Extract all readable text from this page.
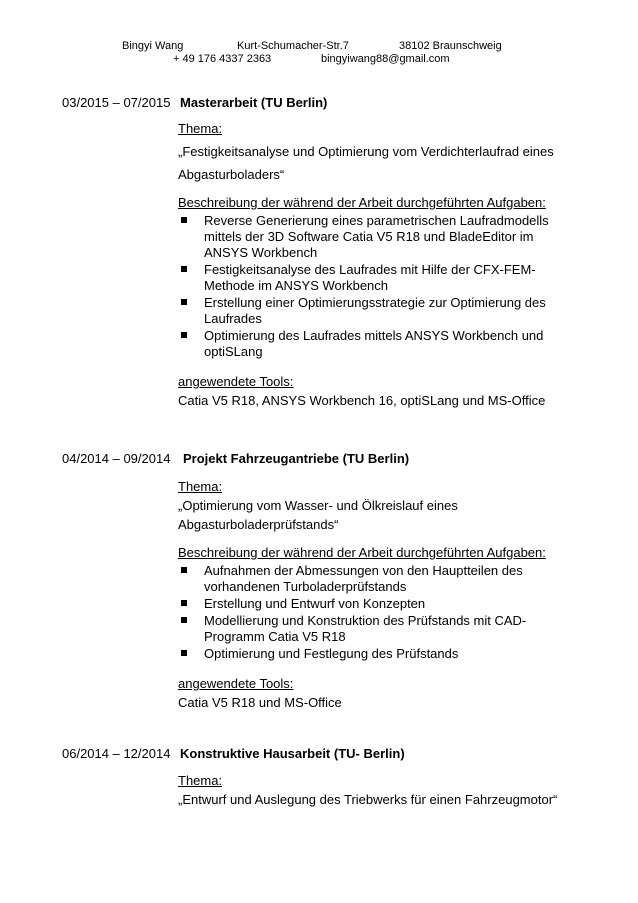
Bingyi Wang	Kurt-Schumacher-Str.7	38102 Braunschweig
+ 49 176 4337 2363	bingyiwang88@gmail.com
03/2015 – 07/2015 Masterarbeit (TU Berlin)
Thema:
„Festigkeitsanalyse und Optimierung vom Verdichterlaufrad eines
Abgasturboladers“
Beschreibung der während der Arbeit durchgeführten Aufgaben:
Reverse Generierung eines parametrischen Laufradmodells mittels der 3D Software Catia V5 R18 und BladeEditor im ANSYS Workbench
Festigkeitsanalyse des Laufrades mit Hilfe der CFX-FEM-Methode im ANSYS Workbench
Erstellung einer Optimierungsstrategie zur Optimierung des Laufrades
Optimierung des Laufrades mittels ANSYS Workbench und optiSLang
angewendete Tools:
Catia V5 R18, ANSYS Workbench 16, optiSLang und MS-Office
04/2014 – 09/2014 Projekt Fahrzeugantriebe (TU Berlin)
Thema:
„Optimierung vom Wasser- und Ölkreislauf eines
Abgasturboladerprüfstands“
Beschreibung der während der Arbeit durchgeführten Aufgaben:
Aufnahmen der Abmessungen von den Hauptteilen des vorhandenen Turboladerprüfstands
Erstellung und Entwurf von Konzepten
Modellierung und Konstruktion des Prüfstands mit CAD-Programm Catia V5 R18
Optimierung und Festlegung des Prüfstands
angewendete Tools:
Catia V5 R18 und MS-Office
06/2014 – 12/2014 Konstruktive Hausarbeit (TU- Berlin)
Thema:
„Entwurf und Auslegung des Triebwerks für einen Fahrzeugmotor“
